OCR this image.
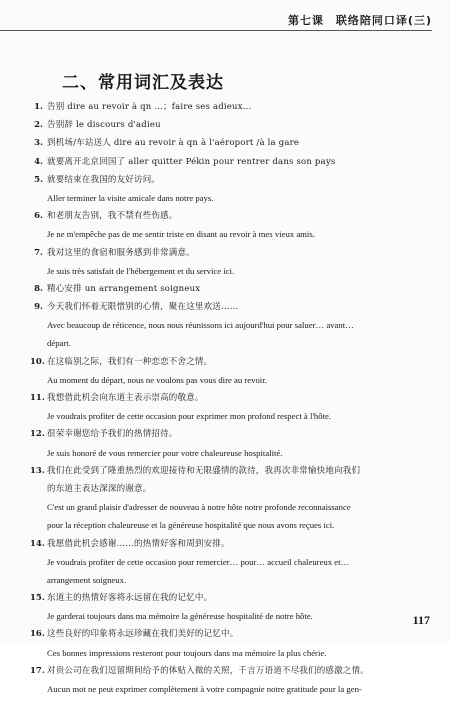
第七课　联络陪同口译(三)
二、常用词汇及表达
1. 告别 dire au revoir à qn …；faire ses adieux…
2. 告别辞 le discours d'adieu
3. 到机场/车站送人 dire au revoir à qn à l'aéroport /à la gare
4. 就要离开北京回国了 aller quitter Pékin pour rentrer dans son pays
5. 就要结束在我国的友好访问。
Aller terminer la visite amicale dans notre pays.
6. 和老朋友告别，我不禁有些伤感。
Je ne m'empêche pas de me sentir triste en disant au revoir à mes vieux amis.
7. 我对这里的食宿和服务感到非常满意。
Je suis très satisfait de l'hébergement et du service ici.
8. 精心安排 un arrangement soigneux
9. 今天我们怀着无限惜别的心情，聚在这里欢送……
Avec beaucoup de réticence, nous nous réunissons ici aujourd'hui pour saluer… avant…
départ.
10. 在这临别之际，我们有一种恋恋不舍之情。
Au moment du départ, nous ne voulons pas vous dire au revoir.
11. 我想借此机会向东道主表示崇高的敬意。
Je voudrais profiter de cette occasion pour exprimer mon profond respect à l'hôte.
12. 很荣幸谢您给予我们的热情招待。
Je suis honoré de vous remercier pour votre chaleureuse hospitalité.
13. 我们在此受到了隆重热烈的欢迎接待和无限盛情的款待，我再次非常愉快地向我们
的东道主表达深深的谢意。
C'est un grand plaisir d'adresser de nouveau à notre hôte notre profonde reconnaissance
pour la réception chaleureuse et la généreuse hospitalité que nous avons reçues ici.
14. 我愿借此机会感谢……的热情好客和周到安排。
Je voudrais profiter de cette occasion pour remercier… pour… accueil chaleureux et…
arrangement soigneux.
15. 东道主的热情好客将永远留在我的记忆中。
Je garderai toujours dans ma mémoire la généreuse hospitalité de notre hôte.
16. 这些良好的印象将永远珍藏在我们美好的记忆中。
Ces bonnes impressions resteront pour toujours dans ma mémoire la plus chérie.
17. 对贵公司在我们逗留期间给予的体贴入微的关照，千言万语道不尽我们的感激之情。
Aucun mot ne peut exprimer complètement à votre compagnie notre gratitude pour la gen-
117
